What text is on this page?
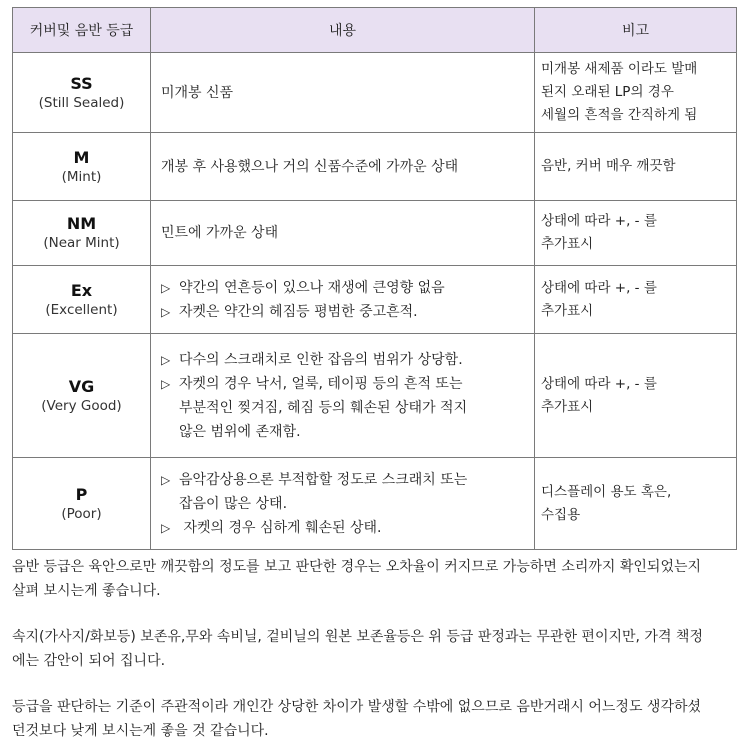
커버및 음반 등급	내용	비고

SS
(Still Sealed)	미개봉 신품	미개봉 새제품 이라도 발매
된지 오래된 LP의 경우
세월의 흔적을 간직하게 됨

M
(Mint)	개봉 후 사용했으나 거의 신품수준에 가까운 상태	음반, 커버 매우 깨끗함

NM
(Near Mint)	민트에 가까운 상태	상태에 따라 +, - 를
추가표시

Ex
(Excellent)	▷ 약간의 연흔등이 있으나 재생에 큰영향 없음
▷ 자켓은 약간의 헤짐등 평범한 중고흔적.	상태에 따라 +, - 를
추가표시

VG
(Very Good)	▷ 다수의 스크래치로 인한 잡음의 범위가 상당함.
▷ 자켓의 경우 낙서, 얼룩, 테이핑 등의 흔적 또는
부분적인 찢겨짐, 헤짐 등의 훼손된 상태가 적지
않은 범위에 존재함.	상태에 따라 +, - 를
추가표시

P
(Poor)	▷ 음악감상용으론 부적합할 정도로 스크래치 또는
잡음이 많은 상태.
▷ 자켓의 경우 심하게 훼손된 상태.	디스플레이 용도 혹은,
수집용

음반 등급은 육안으로만 깨끗함의 정도를 보고 판단한 경우는 오차율이 커지므로 가능하면 소리까지 확인되었는지
살펴 보시는게 좋습니다.

속지(가사지/화보등) 보존유,무와 속비닐, 겉비닐의 원본 보존율등은 위 등급 판정과는 무관한 편이지만, 가격 책정
에는 감안이 되어 집니다.

등급을 판단하는 기준이 주관적이라 개인간 상당한 차이가 발생할 수밖에 없으므로 음반거래시 어느정도 생각하셨
던것보다 낮게 보시는게 좋을 것 같습니다.
